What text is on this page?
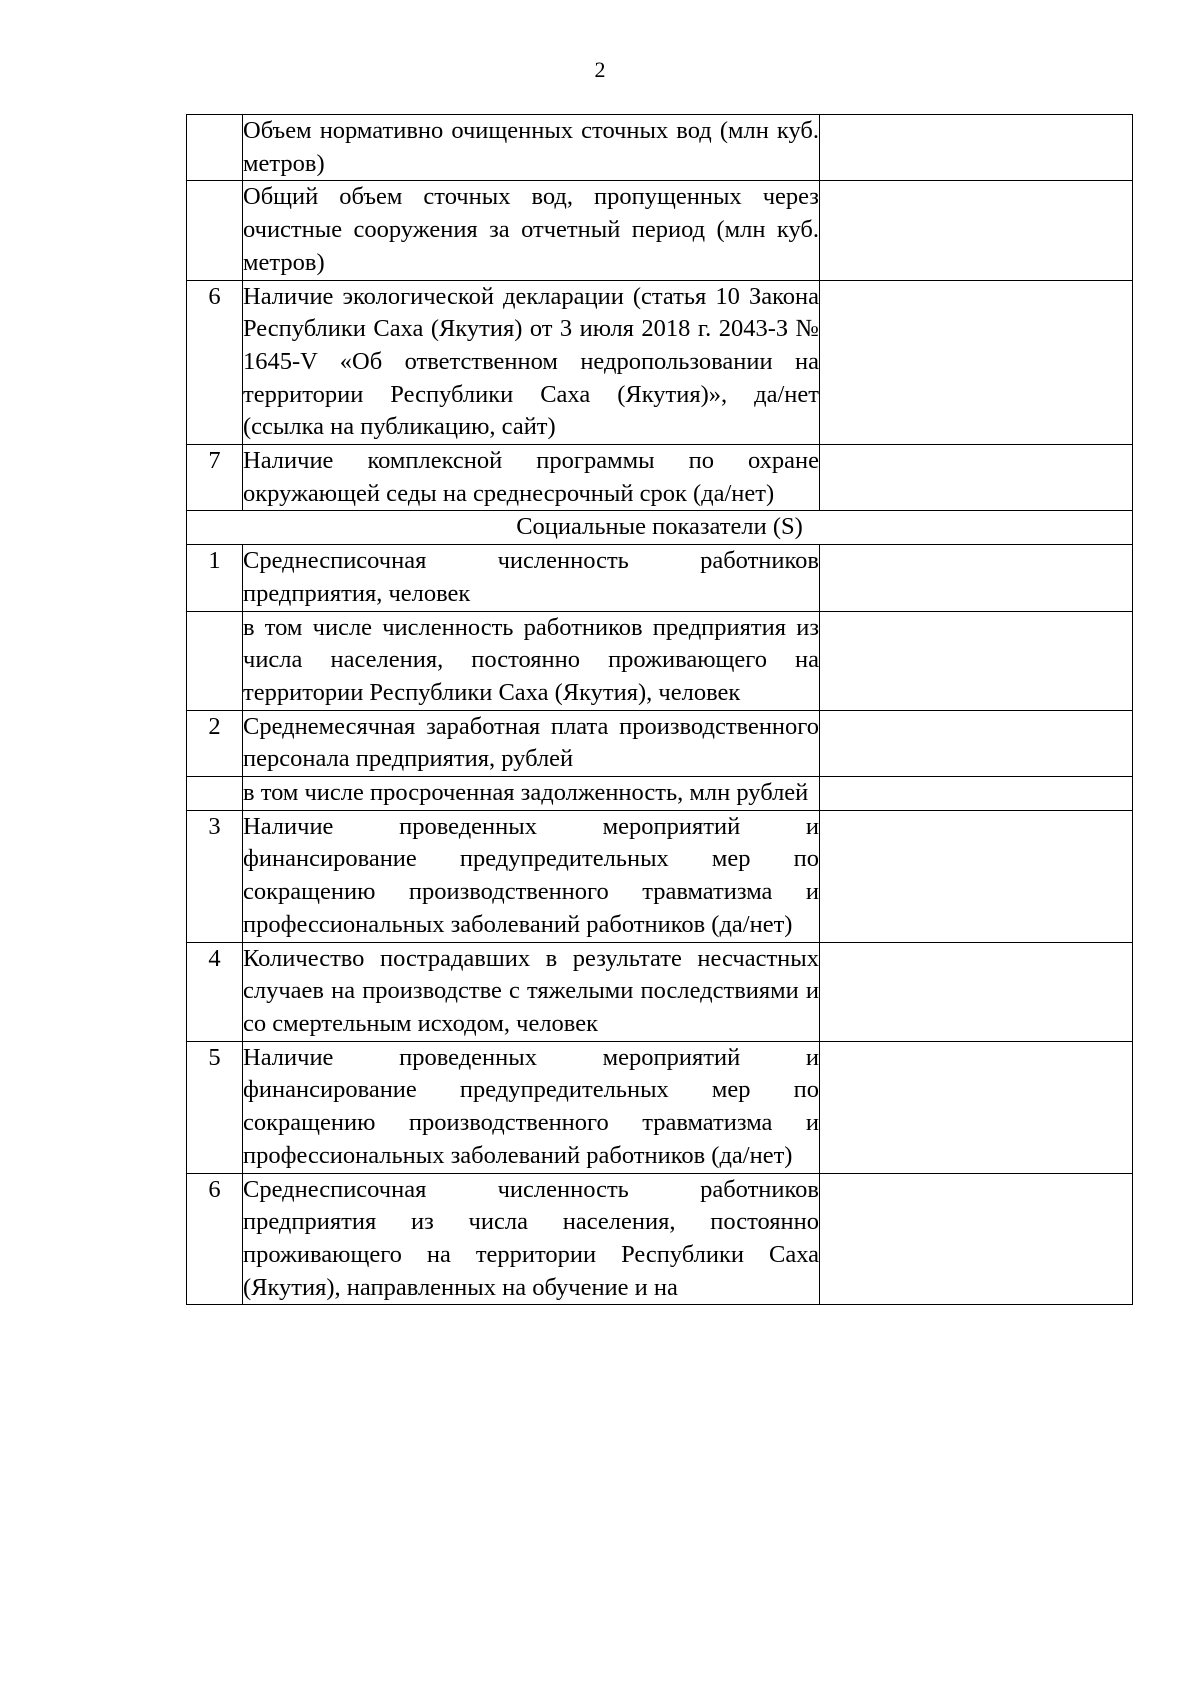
2
	Объем нормативно очищенных сточных вод (млн куб. метров)	
	Общий объем сточных вод, пропущенных через очистные сооружения за отчетный период (млн куб. метров)	
6	Наличие экологической декларации (статья 10 Закона Республики Саха (Якутия) от 3 июля 2018 г. 2043-З № 1645-V «Об ответственном недропользовании на территории Республики Саха (Якутия)», да/нет (ссылка на публикацию, сайт)	
7	Наличие комплексной программы по охране окружающей седы на среднесрочный срок (да/нет)	
Социальные показатели (S)		
1	Среднесписочная численность работников предприятия, человек	
	в том числе численность работников предприятия из числа населения, постоянно проживающего на территории Республики Саха (Якутия), человек	
2	Среднемесячная заработная плата производственного персонала предприятия, рублей	
	в том числе просроченная задолженность, млн рублей	
3	Наличие проведенных мероприятий и финансирование предупредительных мер по сокращению производственного травматизма и профессиональных заболеваний работников (да/нет)	
4	Количество пострадавших в результате несчастных случаев на производстве с тяжелыми последствиями и со смертельным исходом, человек	
5	Наличие проведенных мероприятий и финансирование предупредительных мер по сокращению производственного травматизма и профессиональных заболеваний работников (да/нет)	
6	Среднесписочная численность работников предприятия из числа населения, постоянно проживающего на территории Республики Саха (Якутия), направленных на обучение и на	
